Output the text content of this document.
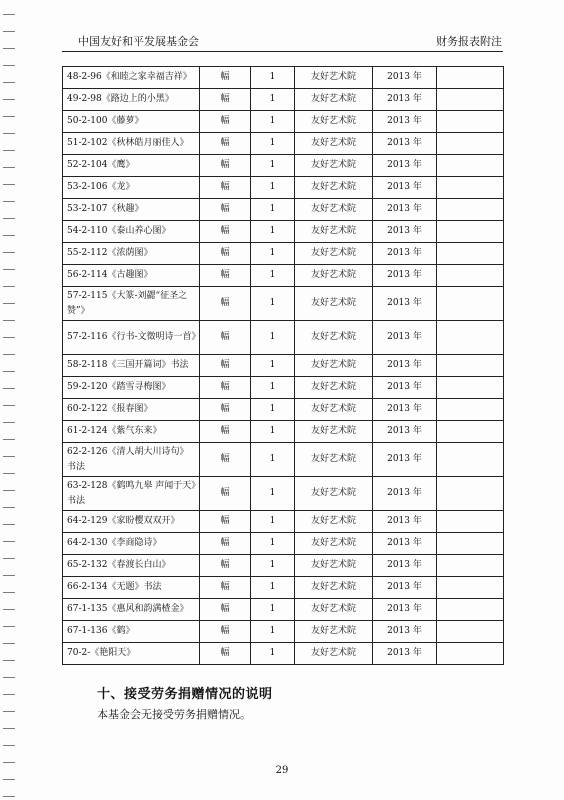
中国友好和平发展基金会	财务报表附注
48-2-96《和睦之家幸福吉祥》	幅	1	友好艺术院	2013 年	
49-2-98《路边上的小黑》	幅	1	友好艺术院	2013 年	
50-2-100《藤萝》	幅	1	友好艺术院	2013 年	
51-2-102《秋林皓月丽佳人》	幅	1	友好艺术院	2013 年	
52-2-104《鹰》	幅	1	友好艺术院	2013 年	
53-2-106《龙》	幅	1	友好艺术院	2013 年	
53-2-107《秋趣》	幅	1	友好艺术院	2013 年	
54-2-110《泰山养心图》	幅	1	友好艺术院	2013 年	
55-2-112《浓荫图》	幅	1	友好艺术院	2013 年	
56-2-114《古趣图》	幅	1	友好艺术院	2013 年	
57-2-115《大篆-刘勰“征圣之赞”》	幅	1	友好艺术院	2013 年	
57-2-116《行书-文徵明诗一首》	幅	1	友好艺术院	2013 年	
58-2-118《三国开篇词》书法	幅	1	友好艺术院	2013 年	
59-2-120《踏雪寻梅图》	幅	1	友好艺术院	2013 年	
60-2-122《报春图》	幅	1	友好艺术院	2013 年	
61-2-124《紫气东来》	幅	1	友好艺术院	2013 年	
62-2-126《清人胡大川诗句》书法	幅	1	友好艺术院	2013 年	
63-2-128《鹤鸣九皋 声闻于天》书法	幅	1	友好艺术院	2013 年	
64-2-129《家盼樱双双开》	幅	1	友好艺术院	2013 年	
64-2-130《李商隐诗》	幅	1	友好艺术院	2013 年	
65-2-132《春渡长白山》	幅	1	友好艺术院	2013 年	
66-2-134《无题》书法	幅	1	友好艺术院	2013 年	
67-1-135《惠风和韵满楂金》	幅	1	友好艺术院	2013 年	
67-1-136《鹤》	幅	1	友好艺术院	2013 年	
70-2-《艳阳天》	幅	1	友好艺术院	2013 年	
十、接受劳务捐赠情况的说明
本基金会无接受劳务捐赠情况。
29
